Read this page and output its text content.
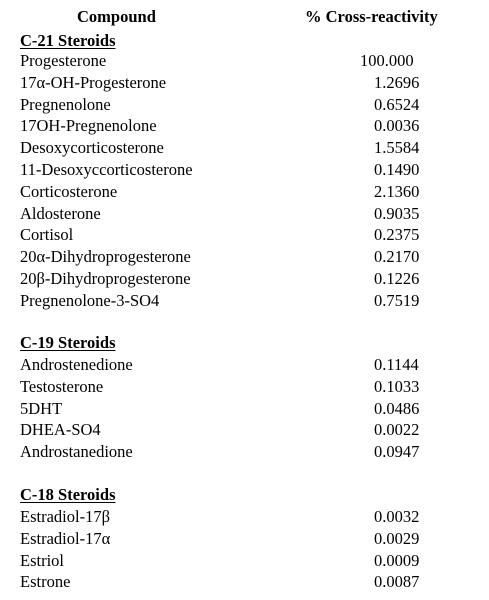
Compound	% Cross-reactivity
C-21 Steroids
Progesterone	100.000
17α-OH-Progesterone	1.2696
Pregnenolone	0.6524
17OH-Pregnenolone	0.0036
Desoxycorticosterone	1.5584
11-Desoxyccorticosterone	0.1490
Corticosterone	2.1360
Aldosterone	0.9035
Cortisol	0.2375
20α-Dihydroprogesterone	0.2170
20β-Dihydroprogesterone	0.1226
Pregnenolone-3-SO4	0.7519
C-19 Steroids
Androstenedione	0.1144
Testosterone	0.1033
5DHT	0.0486
DHEA-SO4	0.0022
Androstanedione	0.0947
C-18 Steroids
Estradiol-17β	0.0032
Estradiol-17α	0.0029
Estriol	0.0009
Estrone	0.0087
